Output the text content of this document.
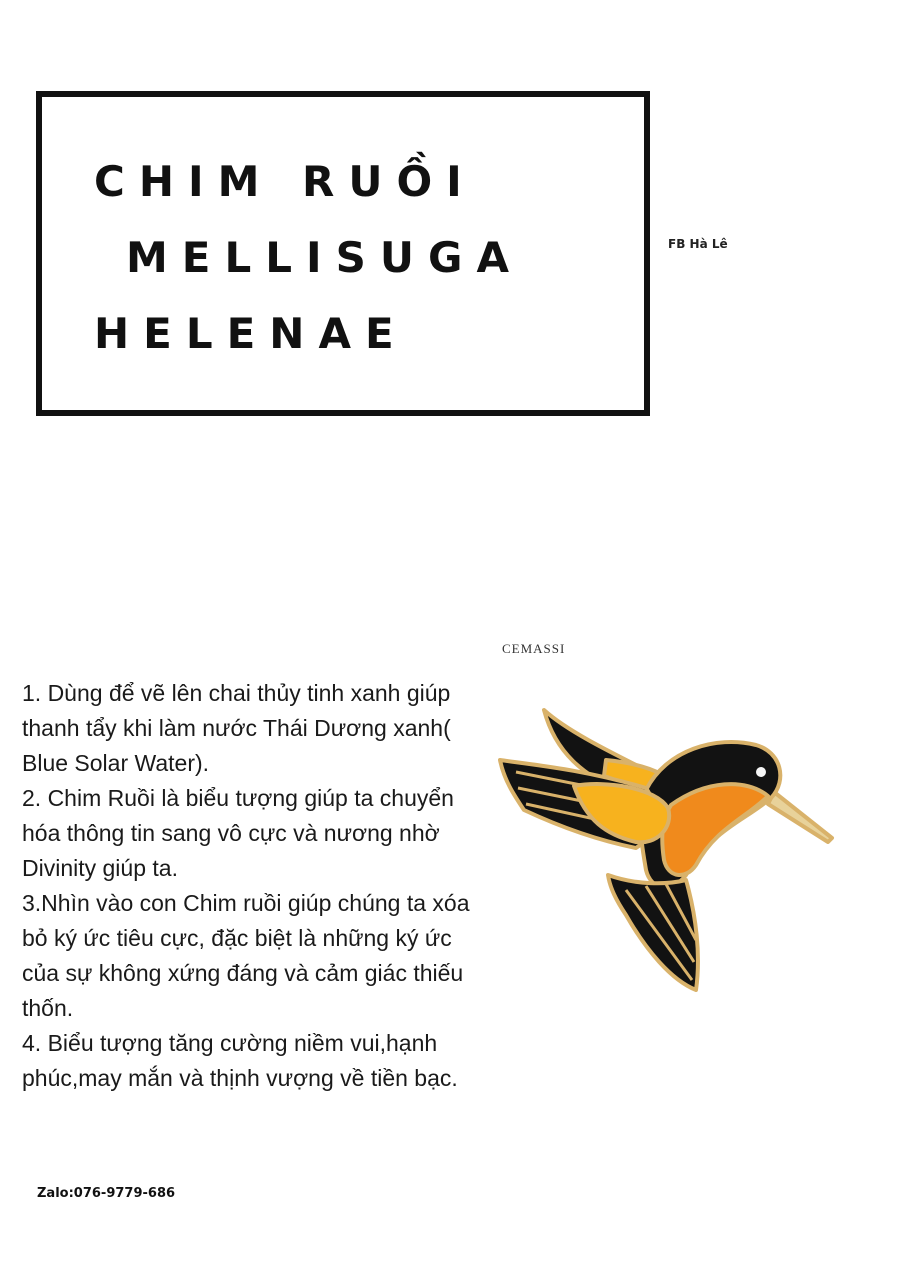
CHIM RUỒI
MELLISUGA
HELENAE
FB Hà Lê
CEMASSI

1. Dùng để vẽ lên chai thủy tinh xanh giúp thanh tẩy khi làm nước Thái Dương xanh( Blue Solar Water).

2. Chim Ruồi là biểu tượng giúp ta chuyển hóa thông tin sang vô cực và nương nhờ Divinity giúp ta.

3.Nhìn vào con Chim ruồi giúp chúng ta xóa bỏ ký ức tiêu cực, đặc biệt là những ký ức của sự không xứng đáng và cảm giác thiếu thốn.

4. Biểu tượng tăng cường niềm vui,hạnh phúc,may mắn và thịnh vượng về tiền bạc.

Zalo:076-9779-686
